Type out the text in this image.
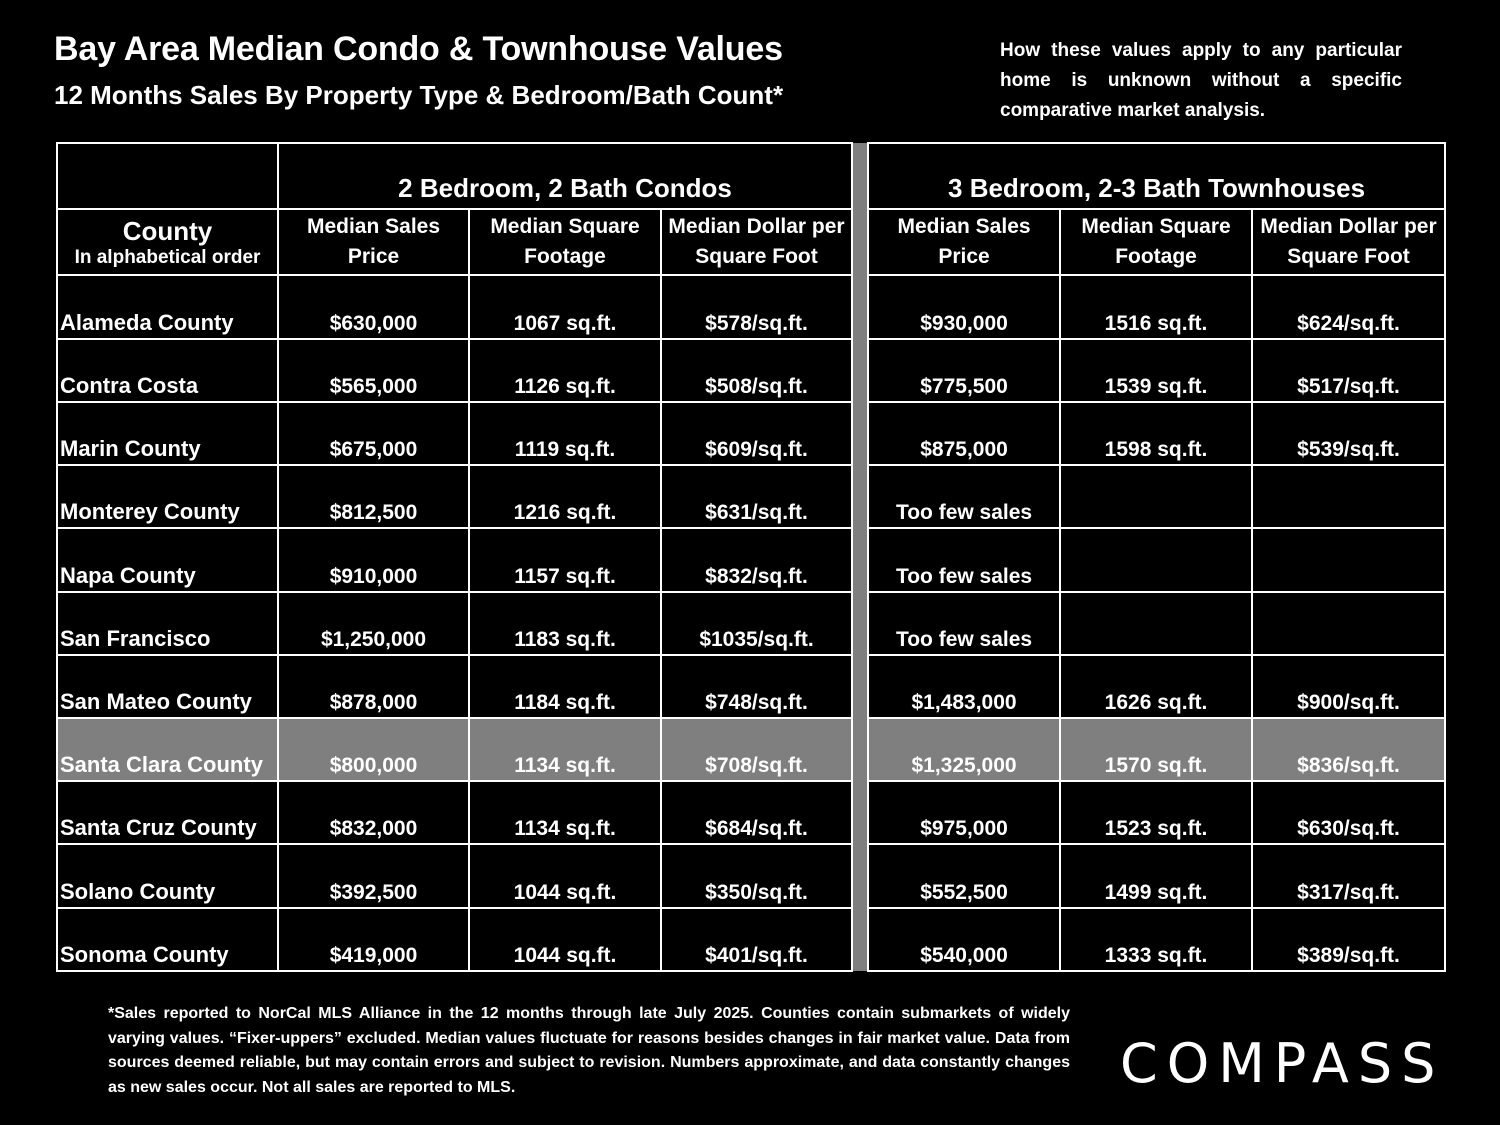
Bay Area Median Condo & Townhouse Values
12 Months Sales By Property Type & Bedroom/Bath Count*
How these values apply to any particular home is unknown without a specific comparative market analysis.
	2 Bedroom, 2 Bath Condos				3 Bedroom, 2-3 Bath Townhouses		

County
In alphabetical order	Median Sales Price	Median Square Footage	Median Dollar per Square Foot		Median Sales Price	Median Square Footage	Median Dollar per Square Foot
Alameda County	$630,000	1067 sq.ft.	$578/sq.ft.		$930,000	1516 sq.ft.	$624/sq.ft.
Contra Costa	$565,000	1126 sq.ft.	$508/sq.ft.		$775,500	1539 sq.ft.	$517/sq.ft.
Marin County	$675,000	1119 sq.ft.	$609/sq.ft.		$875,000	1598 sq.ft.	$539/sq.ft.
Monterey County	$812,500	1216 sq.ft.	$631/sq.ft.		Too few sales		
Napa County	$910,000	1157 sq.ft.	$832/sq.ft.		Too few sales		
San Francisco	$1,250,000	1183 sq.ft.	$1035/sq.ft.		Too few sales		
San Mateo County	$878,000	1184 sq.ft.	$748/sq.ft.		$1,483,000	1626 sq.ft.	$900/sq.ft.
Santa Clara County	$800,000	1134 sq.ft.	$708/sq.ft.		$1,325,000	1570 sq.ft.	$836/sq.ft.
Santa Cruz County	$832,000	1134 sq.ft.	$684/sq.ft.		$975,000	1523 sq.ft.	$630/sq.ft.
Solano County	$392,500	1044 sq.ft.	$350/sq.ft.		$552,500	1499 sq.ft.	$317/sq.ft.
Sonoma County	$419,000	1044 sq.ft.	$401/sq.ft.		$540,000	1333 sq.ft.	$389/sq.ft.
*Sales reported to NorCal MLS Alliance in the 12 months through late July 2025. Counties contain submarkets of widely varying values. “Fixer-uppers” excluded. Median values fluctuate for reasons besides changes in fair market value. Data from sources deemed reliable, but may contain errors and subject to revision. Numbers approximate, and data constantly changes as new sales occur. Not all sales are reported to MLS.	COMPASS
